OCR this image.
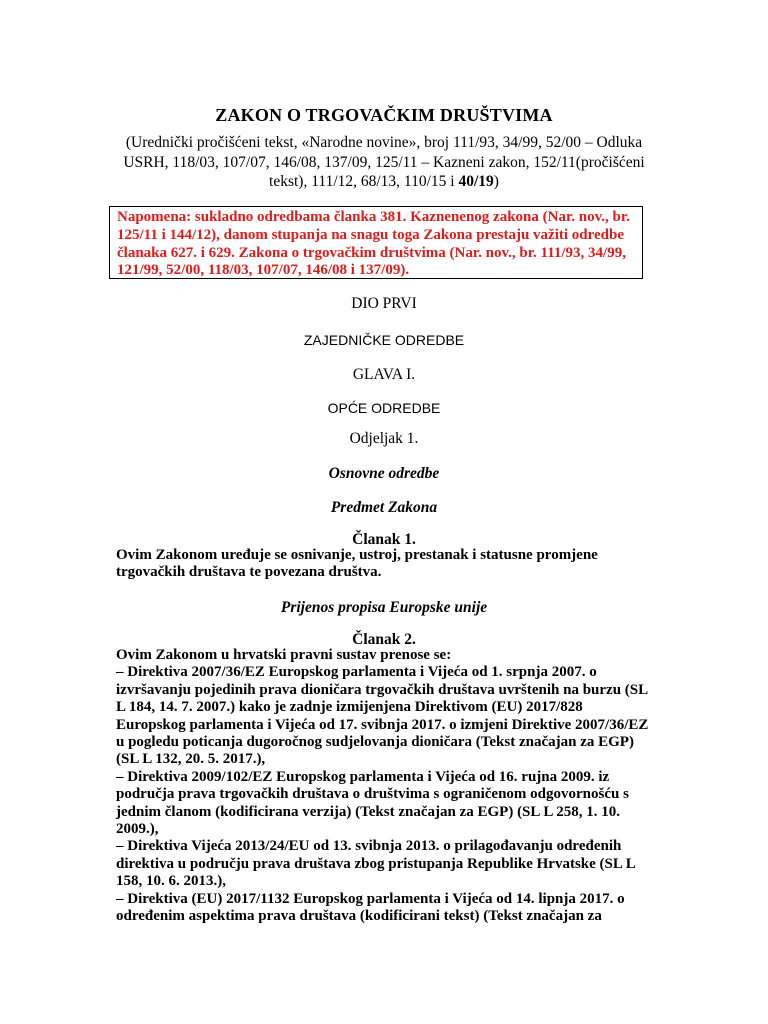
ZAKON O TRGOVAČKIM DRUŠTVIMA
(Urednički pročišćeni tekst, «Narodne novine», broj 111/93, 34/99, 52/00 – Odluka USRH, 118/03, 107/07, 146/08, 137/09, 125/11 – Kazneni zakon, 152/11(pročišćeni tekst), 111/12, 68/13, 110/15 i 40/19)
Napomena: sukladno odredbama članka 381. Kaznenenog zakona (Nar. nov., br. 125/11 i 144/12), danom stupanja na snagu toga Zakona prestaju važiti odredbe članaka 627. i 629. Zakona o trgovačkim društvima (Nar. nov., br. 111/93, 34/99, 121/99, 52/00, 118/03, 107/07, 146/08 i 137/09).
DIO PRVI
ZAJEDNIČKE ODREDBE
GLAVA I.
OPĆE ODREDBE
Odjeljak 1.
Osnovne odredbe
Predmet Zakona
Članak 1.

Ovim Zakonom uređuje se osnivanje, ustroj, prestanak i statusne promjene trgovačkih društava te povezana društva.

Prijenos propisa Europske unije
Članak 2.

Ovim Zakonom u hrvatski pravni sustav prenose se:

– Direktiva 2007/36/EZ Europskog parlamenta i Vijeća od 1. srpnja 2007. o izvršavanju pojedinih prava dioničara trgovačkih društava uvrštenih na burzu (SL L 184, 14. 7. 2007.) kako je zadnje izmijenjena Direktivom (EU) 2017/828 Europskog parlamenta i Vijeća od 17. svibnja 2017. o izmjeni Direktive 2007/36/EZ u pogledu poticanja dugoročnog sudjelovanja dioničara (Tekst značajan za EGP) (SL L 132, 20. 5. 2017.),

– Direktiva 2009/102/EZ Europskog parlamenta i Vijeća od 16. rujna 2009. iz područja prava trgovačkih društava o društvima s ograničenom odgovornošću s jednim članom (kodificirana verzija) (Tekst značajan za EGP) (SL L 258, 1. 10. 2009.),

– Direktiva Vijeća 2013/24/EU od 13. svibnja 2013. o prilagođavanju određenih direktiva u području prava društava zbog pristupanja Republike Hrvatske (SL L 158, 10. 6. 2013.),

– Direktiva (EU) 2017/1132 Europskog parlamenta i Vijeća od 14. lipnja 2017. o određenim aspektima prava društava (kodificirani tekst) (Tekst značajan za
